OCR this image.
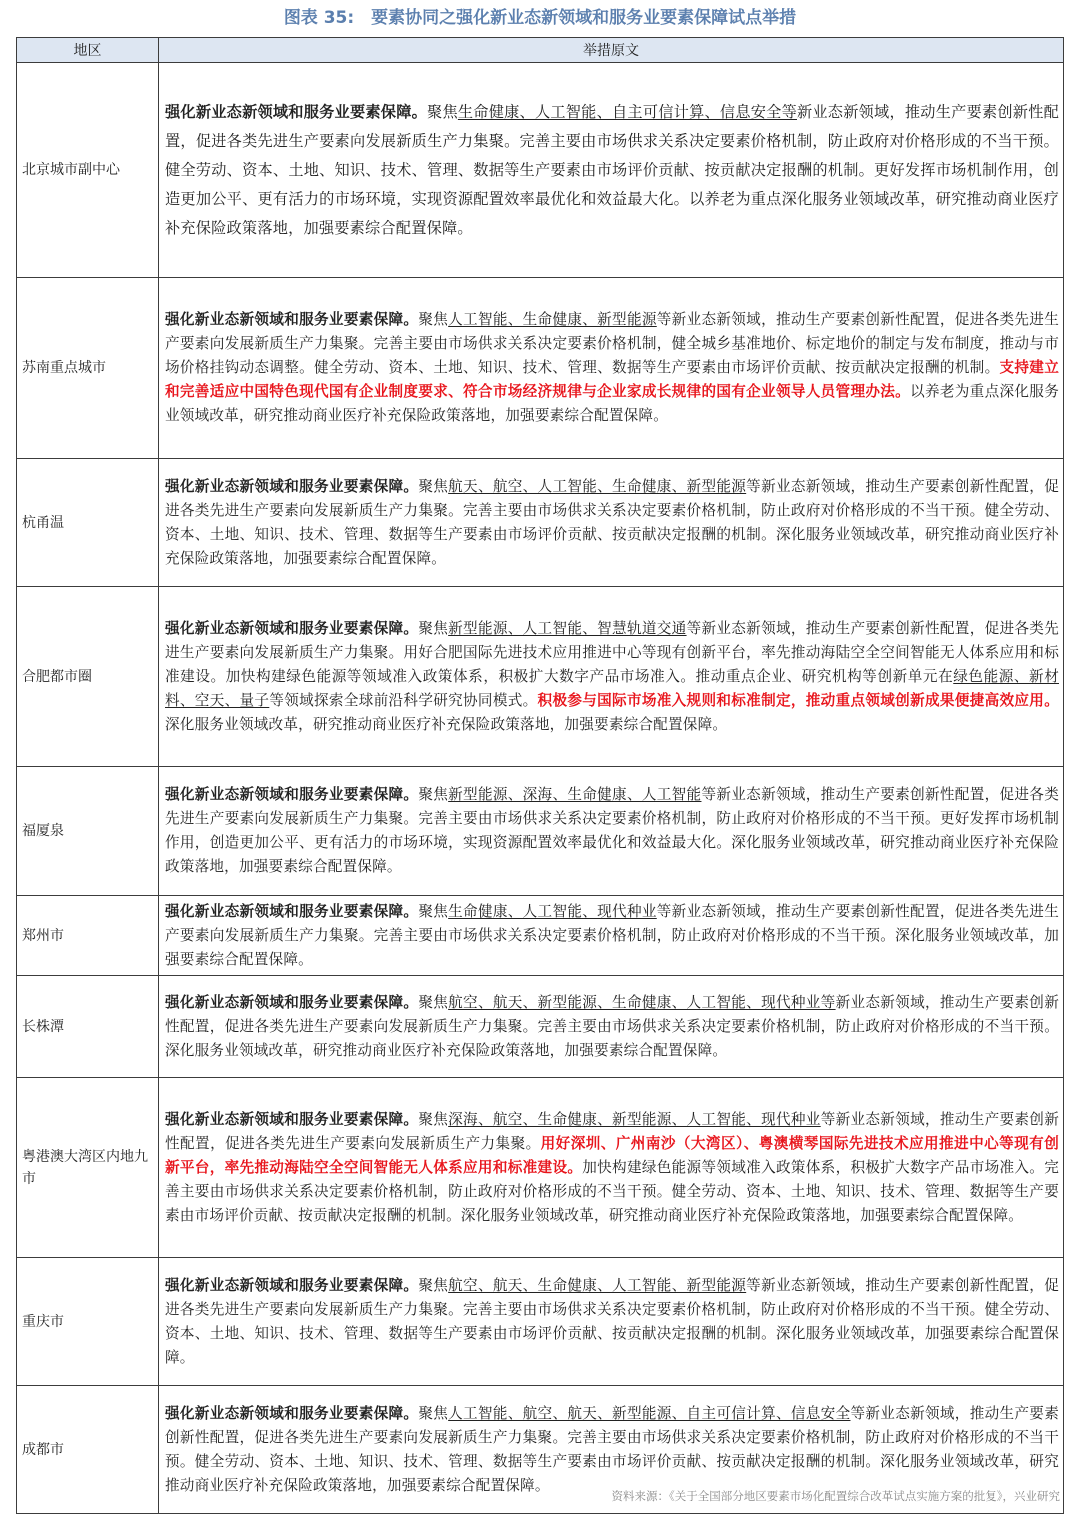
图表 35:　要素协同之强化新业态新领域和服务业要素保障试点举措
地区	举措原文
北京城市副中心	强化新业态新领域和服务业要素保障。聚焦生命健康、人工智能、自主可信计算、信息安全等新业态新领域，推动生产要素创新性配置，促进各类先进生产要素向发展新质生产力集聚。完善主要由市场供求关系决定要素价格机制，防止政府对价格形成的不当干预。健全劳动、资本、土地、知识、技术、管理、数据等生产要素由市场评价贡献、按贡献决定报酬的机制。更好发挥市场机制作用，创造更加公平、更有活力的市场环境，实现资源配置效率最优化和效益最大化。以养老为重点深化服务业领域改革，研究推动商业医疗补充保险政策落地，加强要素综合配置保障。
苏南重点城市	强化新业态新领域和服务业要素保障。聚焦人工智能、生命健康、新型能源等新业态新领域，推动生产要素创新性配置，促进各类先进生产要素向发展新质生产力集聚。完善主要由市场供求关系决定要素价格机制，健全城乡基准地价、标定地价的制定与发布制度，推动与市场价格挂钩动态调整。健全劳动、资本、土地、知识、技术、管理、数据等生产要素由市场评价贡献、按贡献决定报酬的机制。支持建立和完善适应中国特色现代国有企业制度要求、符合市场经济规律与企业家成长规律的国有企业领导人员管理办法。以养老为重点深化服务业领域改革，研究推动商业医疗补充保险政策落地，加强要素综合配置保障。
杭甬温	强化新业态新领域和服务业要素保障。聚焦航天、航空、人工智能、生命健康、新型能源等新业态新领域，推动生产要素创新性配置，促进各类先进生产要素向发展新质生产力集聚。完善主要由市场供求关系决定要素价格机制，防止政府对价格形成的不当干预。健全劳动、资本、土地、知识、技术、管理、数据等生产要素由市场评价贡献、按贡献决定报酬的机制。深化服务业领域改革，研究推动商业医疗补充保险政策落地，加强要素综合配置保障。
合肥都市圈	强化新业态新领域和服务业要素保障。聚焦新型能源、人工智能、智慧轨道交通等新业态新领域，推动生产要素创新性配置，促进各类先进生产要素向发展新质生产力集聚。用好合肥国际先进技术应用推进中心等现有创新平台，率先推动海陆空全空间智能无人体系应用和标准建设。加快构建绿色能源等领域准入政策体系，积极扩大数字产品市场准入。推动重点企业、研究机构等创新单元在绿色能源、新材料、空天、量子等领域探索全球前沿科学研究协同模式。积极参与国际市场准入规则和标准制定，推动重点领域创新成果便捷高效应用。深化服务业领域改革，研究推动商业医疗补充保险政策落地，加强要素综合配置保障。
福厦泉	强化新业态新领域和服务业要素保障。聚焦新型能源、深海、生命健康、人工智能等新业态新领域，推动生产要素创新性配置，促进各类先进生产要素向发展新质生产力集聚。完善主要由市场供求关系决定要素价格机制，防止政府对价格形成的不当干预。更好发挥市场机制作用，创造更加公平、更有活力的市场环境，实现资源配置效率最优化和效益最大化。深化服务业领域改革，研究推动商业医疗补充保险政策落地，加强要素综合配置保障。
郑州市	强化新业态新领域和服务业要素保障。聚焦生命健康、人工智能、现代种业等新业态新领域，推动生产要素创新性配置，促进各类先进生产要素向发展新质生产力集聚。完善主要由市场供求关系决定要素价格机制，防止政府对价格形成的不当干预。深化服务业领域改革，加强要素综合配置保障。
长株潭	强化新业态新领域和服务业要素保障。聚焦航空、航天、新型能源、生命健康、人工智能、现代种业等新业态新领域，推动生产要素创新性配置，促进各类先进生产要素向发展新质生产力集聚。完善主要由市场供求关系决定要素价格机制，防止政府对价格形成的不当干预。深化服务业领域改革，研究推动商业医疗补充保险政策落地，加强要素综合配置保障。
粤港澳大湾区内地九市	强化新业态新领域和服务业要素保障。聚焦深海、航空、生命健康、新型能源、人工智能、现代种业等新业态新领域，推动生产要素创新性配置，促进各类先进生产要素向发展新质生产力集聚。用好深圳、广州南沙（大湾区）、粤澳横琴国际先进技术应用推进中心等现有创新平台，率先推动海陆空全空间智能无人体系应用和标准建设。加快构建绿色能源等领域准入政策体系，积极扩大数字产品市场准入。完善主要由市场供求关系决定要素价格机制，防止政府对价格形成的不当干预。健全劳动、资本、土地、知识、技术、管理、数据等生产要素由市场评价贡献、按贡献决定报酬的机制。深化服务业领域改革，研究推动商业医疗补充保险政策落地，加强要素综合配置保障。
重庆市	强化新业态新领域和服务业要素保障。聚焦航空、航天、生命健康、人工智能、新型能源等新业态新领域，推动生产要素创新性配置，促进各类先进生产要素向发展新质生产力集聚。完善主要由市场供求关系决定要素价格机制，防止政府对价格形成的不当干预。健全劳动、资本、土地、知识、技术、管理、数据等生产要素由市场评价贡献、按贡献决定报酬的机制。深化服务业领域改革，加强要素综合配置保障。
成都市	强化新业态新领域和服务业要素保障。聚焦人工智能、航空、航天、新型能源、自主可信计算、信息安全等新业态新领域，推动生产要素创新性配置，促进各类先进生产要素向发展新质生产力集聚。完善主要由市场供求关系决定要素价格机制，防止政府对价格形成的不当干预。健全劳动、资本、土地、知识、技术、管理、数据等生产要素由市场评价贡献、按贡献决定报酬的机制。深化服务业领域改革，研究推动商业医疗补充保险政策落地，加强要素综合配置保障。
资料来源：《关于全国部分地区要素市场化配置综合改革试点实施方案的批复》，兴业研究
